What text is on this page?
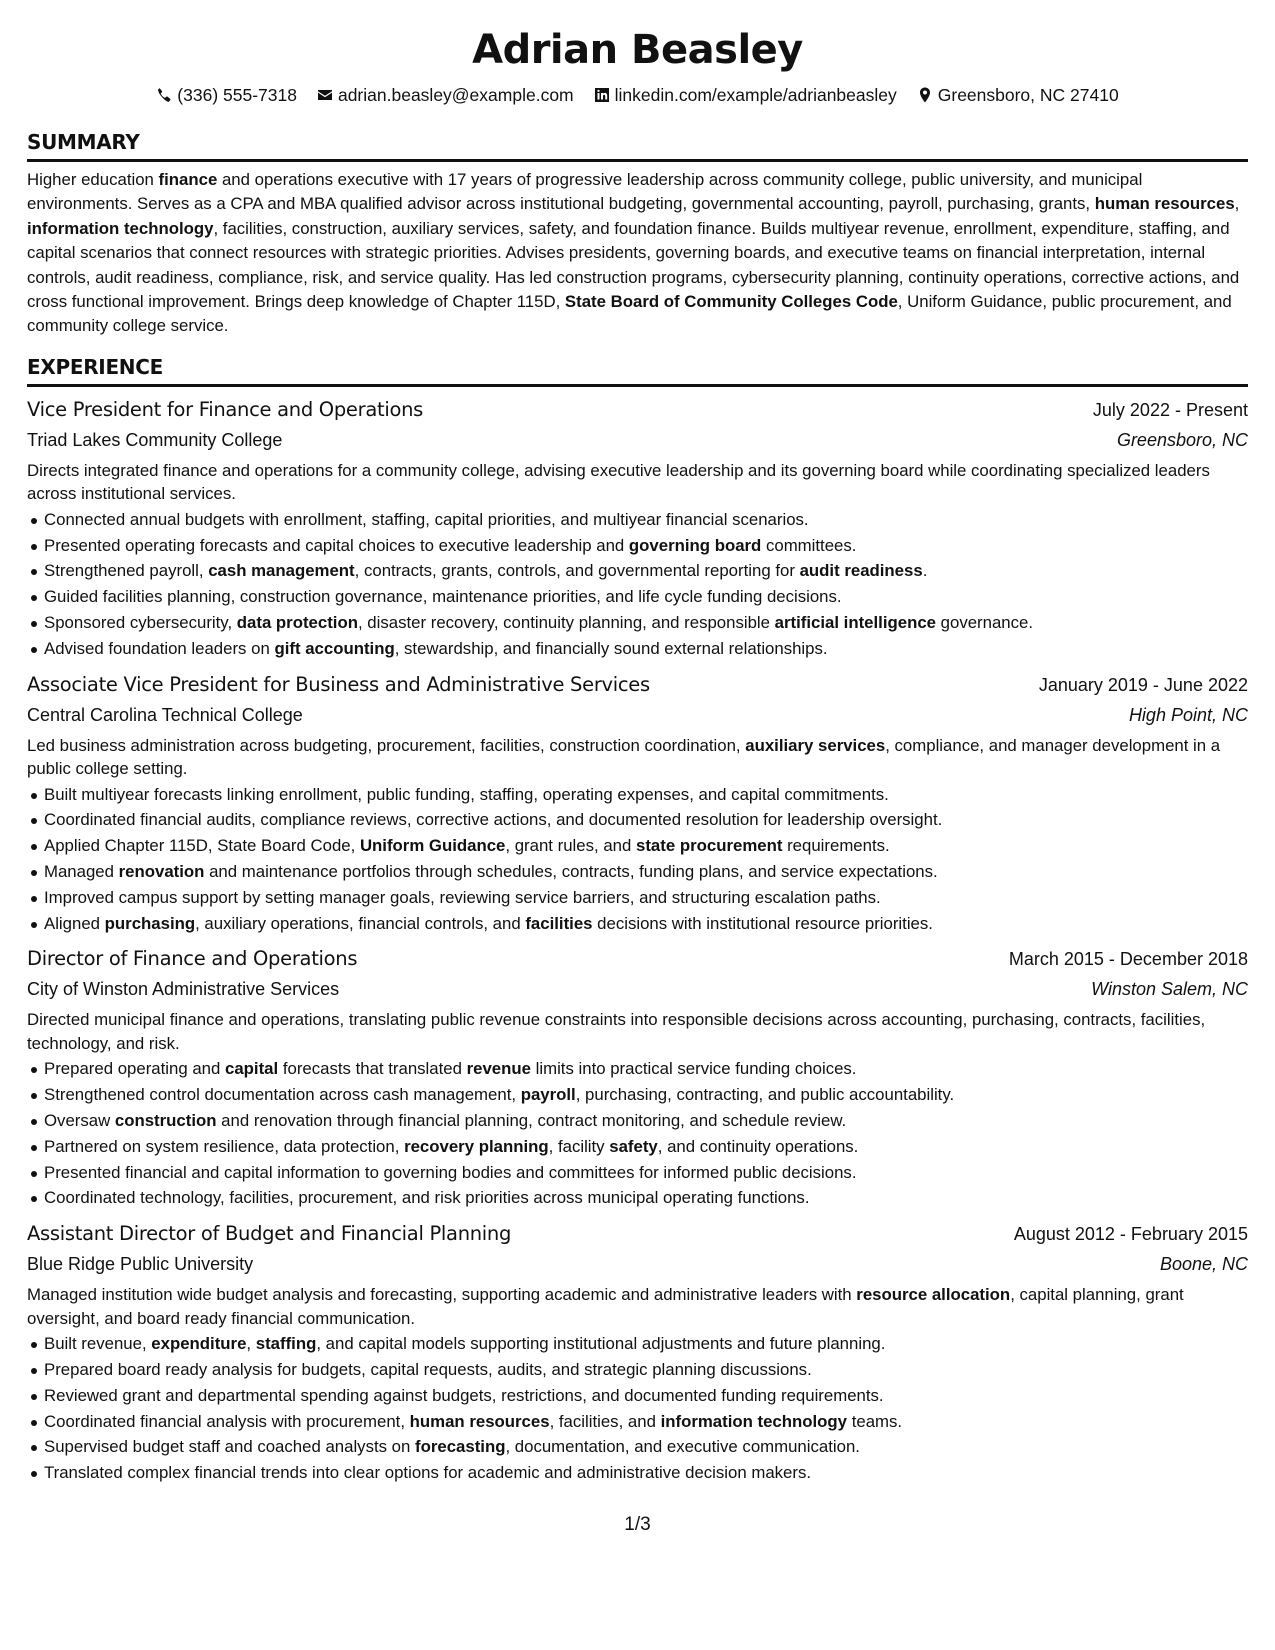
Adrian Beasley
(336) 555-7318 adrian.beasley@example.com linkedin.com/example/adrianbeasley Greensboro, NC 27410
SUMMARY

Higher education finance and operations executive with 17 years of progressive leadership across community college, public university, and municipal environments. Serves as a CPA and MBA qualified advisor across institutional budgeting, governmental accounting, payroll, purchasing, grants, human resources, information technology, facilities, construction, auxiliary services, safety, and foundation finance. Builds multiyear revenue, enrollment, expenditure, staffing, and capital scenarios that connect resources with strategic priorities. Advises presidents, governing boards, and executive teams on financial interpretation, internal controls, audit readiness, compliance, risk, and service quality. Has led construction programs, cybersecurity planning, continuity operations, corrective actions, and cross functional improvement. Brings deep knowledge of Chapter 115D, State Board of Community Colleges Code, Uniform Guidance, public procurement, and community college service.

EXPERIENCE
Vice President for Finance and Operations	July 2022 - Present
Triad Lakes Community College	Greensboro, NC

Directs integrated finance and operations for a community college, advising executive leadership and its governing board while coordinating specialized leaders across institutional services.

Connected annual budgets with enrollment, staffing, capital priorities, and multiyear financial scenarios.
Presented operating forecasts and capital choices to executive leadership and governing board committees.
Strengthened payroll, cash management, contracts, grants, controls, and governmental reporting for audit readiness.
Guided facilities planning, construction governance, maintenance priorities, and life cycle funding decisions.
Sponsored cybersecurity, data protection, disaster recovery, continuity planning, and responsible artificial intelligence governance.
Advised foundation leaders on gift accounting, stewardship, and financially sound external relationships.
Associate Vice President for Business and Administrative Services	January 2019 - June 2022
Central Carolina Technical College	High Point, NC

Led business administration across budgeting, procurement, facilities, construction coordination, auxiliary services, compliance, and manager development in a public college setting.

Built multiyear forecasts linking enrollment, public funding, staffing, operating expenses, and capital commitments.
Coordinated financial audits, compliance reviews, corrective actions, and documented resolution for leadership oversight.
Applied Chapter 115D, State Board Code, Uniform Guidance, grant rules, and state procurement requirements.
Managed renovation and maintenance portfolios through schedules, contracts, funding plans, and service expectations.
Improved campus support by setting manager goals, reviewing service barriers, and structuring escalation paths.
Aligned purchasing, auxiliary operations, financial controls, and facilities decisions with institutional resource priorities.
Director of Finance and Operations	March 2015 - December 2018
City of Winston Administrative Services	Winston Salem, NC

Directed municipal finance and operations, translating public revenue constraints into responsible decisions across accounting, purchasing, contracts, facilities, technology, and risk.

Prepared operating and capital forecasts that translated revenue limits into practical service funding choices.
Strengthened control documentation across cash management, payroll, purchasing, contracting, and public accountability.
Oversaw construction and renovation through financial planning, contract monitoring, and schedule review.
Partnered on system resilience, data protection, recovery planning, facility safety, and continuity operations.
Presented financial and capital information to governing bodies and committees for informed public decisions.
Coordinated technology, facilities, procurement, and risk priorities across municipal operating functions.
Assistant Director of Budget and Financial Planning	August 2012 - February 2015
Blue Ridge Public University	Boone, NC

Managed institution wide budget analysis and forecasting, supporting academic and administrative leaders with resource allocation, capital planning, grant oversight, and board ready financial communication.

Built revenue, expenditure, staffing, and capital models supporting institutional adjustments and future planning.
Prepared board ready analysis for budgets, capital requests, audits, and strategic planning discussions.
Reviewed grant and departmental spending against budgets, restrictions, and documented funding requirements.
Coordinated financial analysis with procurement, human resources, facilities, and information technology teams.
Supervised budget staff and coached analysts on forecasting, documentation, and executive communication.
Translated complex financial trends into clear options for academic and administrative decision makers.
1/3
